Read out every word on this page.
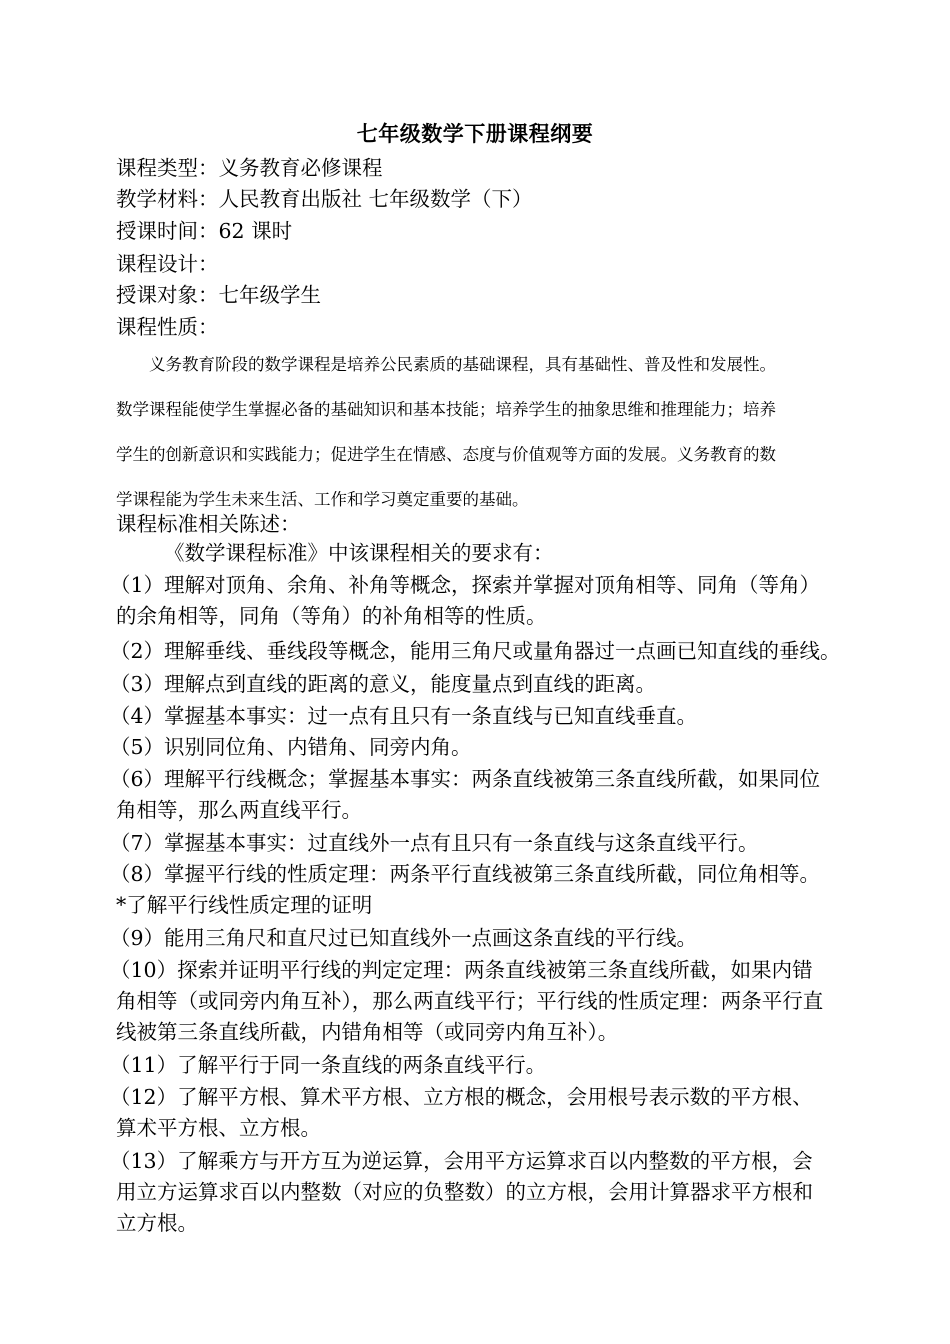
七年级数学下册课程纲要
课程类型：义务教育必修课程
教学材料：人民教育出版社 七年级数学（下）
授课时间：62 课时
课程设计：
授课对象：七年级学生
课程性质：
义务教育阶段的数学课程是培养公民素质的基础课程，具有基础性、普及性和发展性。
数学课程能使学生掌握必备的基础知识和基本技能；培养学生的抽象思维和推理能力；培养
学生的创新意识和实践能力；促进学生在情感、态度与价值观等方面的发展。义务教育的数
学课程能为学生未来生活、工作和学习奠定重要的基础。
课程标准相关陈述：
《数学课程标准》中该课程相关的要求有：
（1）理解对顶角、余角、补角等概念，探索并掌握对顶角相等、同角（等角）
的余角相等，同角（等角）的补角相等的性质。
（2）理解垂线、垂线段等概念，能用三角尺或量角器过一点画已知直线的垂线。
（3）理解点到直线的距离的意义，能度量点到直线的距离。
（4）掌握基本事实：过一点有且只有一条直线与已知直线垂直。
（5）识别同位角、内错角、同旁内角。
（6）理解平行线概念；掌握基本事实：两条直线被第三条直线所截，如果同位
角相等，那么两直线平行。
（7）掌握基本事实：过直线外一点有且只有一条直线与这条直线平行。
（8）掌握平行线的性质定理：两条平行直线被第三条直线所截，同位角相等。
*了解平行线性质定理的证明
（9）能用三角尺和直尺过已知直线外一点画这条直线的平行线。
（10）探索并证明平行线的判定定理：两条直线被第三条直线所截，如果内错
角相等（或同旁内角互补），那么两直线平行；平行线的性质定理：两条平行直
线被第三条直线所截，内错角相等（或同旁内角互补）。
（11）了解平行于同一条直线的两条直线平行。
（12）了解平方根、算术平方根、立方根的概念，会用根号表示数的平方根、
算术平方根、立方根。
（13）了解乘方与开方互为逆运算，会用平方运算求百以内整数的平方根，会
用立方运算求百以内整数（对应的负整数）的立方根，会用计算器求平方根和
立方根。
